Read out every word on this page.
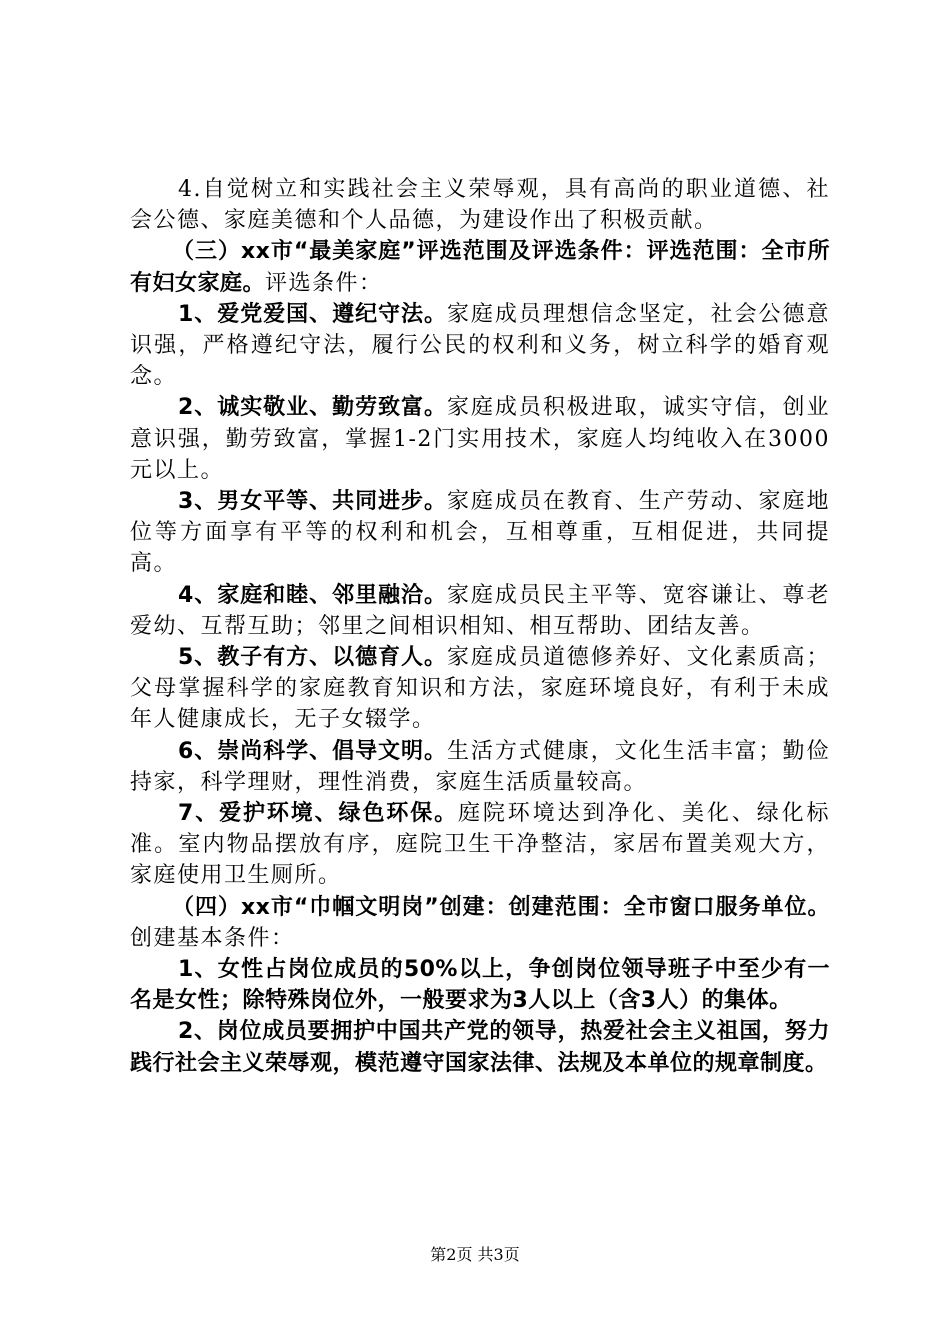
4.自觉树立和实践社会主义荣辱观，具有高尚的职业道德、社会公德、家庭美德和个人品德，为建设作出了积极贡献。

（三）xx市“最美家庭”评选范围及评选条件：评选范围：全市所有妇女家庭。评选条件：

1、爱党爱国、遵纪守法。家庭成员理想信念坚定，社会公德意识强，严格遵纪守法，履行公民的权利和义务，树立科学的婚育观念。

2、诚实敬业、勤劳致富。家庭成员积极进取，诚实守信，创业意识强，勤劳致富，掌握1-2门实用技术，家庭人均纯收入在3000元以上。

3、男女平等、共同进步。家庭成员在教育、生产劳动、家庭地位等方面享有平等的权利和机会，互相尊重，互相促进，共同提高。

4、家庭和睦、邻里融洽。家庭成员民主平等、宽容谦让、尊老爱幼、互帮互助；邻里之间相识相知、相互帮助、团结友善。

5、教子有方、以德育人。家庭成员道德修养好、文化素质高；父母掌握科学的家庭教育知识和方法，家庭环境良好，有利于未成年人健康成长，无子女辍学。

6、崇尚科学、倡导文明。生活方式健康，文化生活丰富；勤俭持家，科学理财，理性消费，家庭生活质量较高。

7、爱护环境、绿色环保。庭院环境达到净化、美化、绿化标准。室内物品摆放有序，庭院卫生干净整洁，家居布置美观大方，家庭使用卫生厕所。

（四）xx市“巾帼文明岗”创建：创建范围：全市窗口服务单位。创建基本条件：

1、女性占岗位成员的50%以上，争创岗位领导班子中至少有一名是女性；除特殊岗位外，一般要求为3人以上（含3人）的集体。

2、岗位成员要拥护中国共产党的领导，热爱社会主义祖国，努力践行社会主义荣辱观，模范遵守国家法律、法规及本单位的规章制度。

第2页 共3页
